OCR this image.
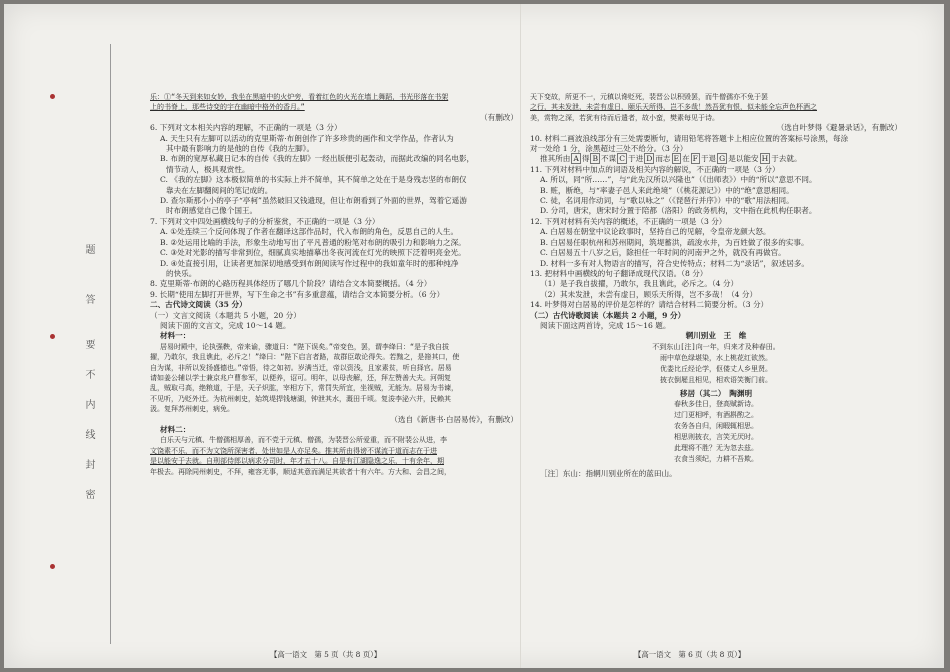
题
答
要
不
内
线
封
密

乐：①“冬天到来如女妙，我坐在黑暗中的火炉旁，看着红色的火光在墙上舞蹈，书光形落在书架

上的书脊上，那些诗变的宇在幽暗中格外的香月。”

（有删改）

6. 下列对文本相关内容的理解，不正确的一项是（3 分）

A. 天生只有左脚可以活动的克里斯蒂·布朗创作了许多珍贵的画作和文学作品，作者认为

其中最有影响力的是他的自传《我的左脚》。

B. 布朗的宽厚私藏日记本的自传《我的左脚》一经出版便引起轰动，而据此改编的同名电影，

情节动人，极具观赏性。

C. 《我的左脚》这本极似简单的书实际上并不简单，其不简单之处在于是身残志坚的布朗仅

靠夫在左脚翻阅间的笔记成的。

D. 查尔斯那小小的亭子“亭柯”虽然破旧又钱遗现，但让布朗看到了外面的世界，驾着它遥游

时布朗感觉自己像个国王。

7. 下列对文中四处画横线句子的分析鉴赏，不正确的一项是（3 分）

A. ①处连续三个反问体现了作者在翻译这部作品时，代入布朗的角色，反思自己的人生。

B. ②处运用比喻的手法，形象生动地写出了平凡普通的粉笔对布朗的吸引力和影响力之深。

C. ③处对光影的描写非常到位，细腻真实地描摹出冬夜河流在灯光的映照下泛着明亮金光。

D. ④处直接引用，让读者更加深切地感受到布朗阅读写作过程中的我如童年时的那种纯净

的快乐。

8. 克里斯蒂·布朗的心路历程具体经历了哪几个阶段？请结合文本简要概括。（4 分）

9. 长期“使用左脚打开世界，写下生命之书”有多重意蕴，请结合文本简要分析。（6 分）

二、古代诗文阅读（35 分）

（一）文言文阅读（本题共 5 小题，20 分）

阅读下面的文言文，完成 10～14 题。

材料一：

居易时殿中，论执强鞅，帝来谕，骤道曰：“陛下误矣。”帝变色，罢，谓李绛曰：“是子我自拔

擢，乃敢尔，我且谯此，必斥之！”绛曰：“陛下启言者路，故群臣敢论得失。若黜之，是箝其口，使

自为谋，非所以发扬盛德也。”帝悟，待之如初。岁满当迁，帝以资浅，且家素贫，听自择官。居易

请如姜公辅以学士兼京兆户曹参军，以便养，诏可。明年，以母丧解，还，拜左赞善大夫。河朔复

乱，贼取弓高，绝粮道，于是，天子炽肱，宰相方下，常罚失所宜，坐视贼，无能为。居易为书谏，

不见听，乃贬外迁。为杭州刺史，始筑堤捍钱塘湖，钟泄其水，溉田千顷。复浚李泌六井，民赖其

汲。复拜苏州刺史，病免。

（选自《新唐书·白居易传》，有删改）

材料二：

白乐天与元稹、牛僧孺相厚善，而不党于元稹、僧孺，为裴晋公所爱重，而不附裴公从进，李

文饶素不乐，而不为文饶所深害者，处世如是人亦足矣。推其所由得谤不谋流于道而志在于进

是以能安于去就。自刑部侍郎以病求分司时，年才五十八。自是有江湖隐逸之乐，十有余年，期

年极去。再除同州刺史，不拜，雍容无事，顺适其意而满足其欲者十有六年。方大和、会昌之间，

【高一语文　第 5 页（共 8 页）】

天下变故，所更不一，元稹以谗贬死，裴晋公以积毁罢，而牛僧孺亦不免于罢

之行，其未发泄，未尝有虚日，颐乐天所得，岂不多哉！然吾犹有恨，似未能全忘声色杯酒之

美，赏物之深，若犹有待而后遣者，故小蛮，樊素每见于诗。

（选自叶梦得《避暑录话》，有删改）

10. 材料二画波浪线部分有三处需要断句，请用铅笔将答题卡上相应位置的答案标号涂黑，每涂

对一处给 1 分，涂黑超过三处不给分。（3 分）

推其所由 A 得 B 不谋 C 于进 D 而志 E 在 F 于退 G 是以能安 H 于去就。

11. 下列对材料中加点的词语及相关内容的解说，不正确的一项是（3 分）

A. 所以，同“所……”，与“此先汉所以兴隆也”（《出师表》）中的“所以”意思不同。

B. 赃，断绝，与“率妻子邑人来此绝境”（《桃花源记》）中的“绝”意思相同。

C. 徒，名词用作动词，与“歌以咏之”（《琵琶行并序》）中的“歌”用法相同。

D. 分司，唐宋，唐宋时分置于陪都（洛阳）的政务机构，文中指在此机构任职者。

12. 下列对材料有关内容的概述，不正确的一项是（3 分）

A. 白居易在朝堂中议论政事时，坚持自己的见解，令皇帝龙颜大怒。

B. 白居易任职杭州和苏州期间，筑堤蓄洪，疏浚水井，为百姓做了很多的实事。

C. 白居易五十八岁之后，除担任一年时间的河南尹之外，就没有再做官。

D. 材料一多有对人物语言的描写，符合史传特点；材料二为“录话”，叙述居多。

13. 把材料中画横线的句子翻译成现代汉语。（8 分）

（1）是子我自拔擢，乃敢尔，我且谯此，必斥之。（4 分）

（2）其未发泄，未尝有虚日，顾乐天所得，岂不多哉！（4 分）

14. 叶梦得对白居易的评价是怎样的？请结合材料二简要分析。（3 分）

（二）古代诗歌阅读（本题共 2 小题，9 分）

阅读下面这两首诗，完成 15～16 题。

辋川别业　王　维

不到东山[注]向一年，归来才及种春田。

雨中草色绿堪染，水上桃花红欲然。

优娄比丘经论学，伛偻丈人乡里贤。

披衣倒屣且相见，相欢语笑衡门前。

移居（其二）　陶渊明

春秋多佳日，登高赋新诗。

过门更相呼，有酒斟酌之。

农务各自归，闲暇辄相思。

相思则披衣，言笑无厌时。

此理将不胜？无为忽去兹。

衣食当须纪，力耕不吾欺。

［注］东山：指辋川别业所在的蓝田山。

【高一语文　第 6 页（共 8 页）】
